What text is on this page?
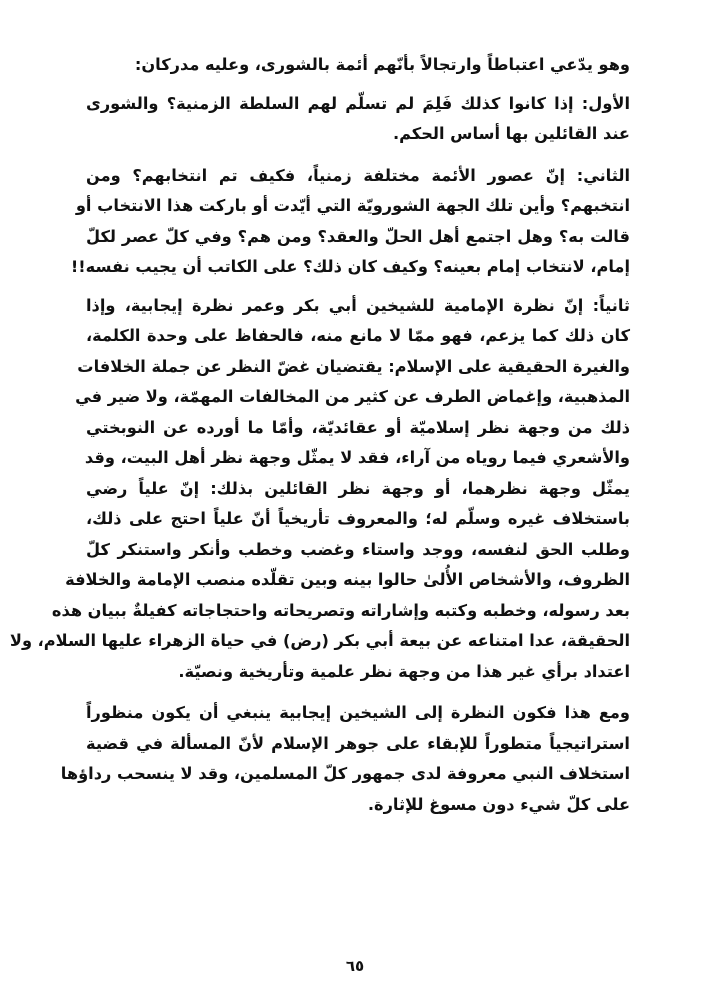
وهو يدّعي اعتباطاً وارتجالاً بأنّهم أئمة بالشورى، وعليه مدركان:
الأول: إذا كانوا كذلك فَلِمَ لم تسلّم لهم السلطة الزمنية؟ والشورى
عند القائلين بها أساس الحكم.
الثاني: إنّ عصور الأئمة مختلفة زمنياً، فكيف تم انتخابهم؟ ومن
انتخبهم؟ وأين تلك الجهة الشورويّة التي أيّدت أو باركت هذا الانتخاب أو
قالت به؟ وهل اجتمع أهل الحلّ والعقد؟ ومن هم؟ وفي كلّ عصر لكلّ
إمام، لانتخاب إمام بعينه؟ وكيف كان ذلك؟ على الكاتب أن يجيب نفسه!!
ثانياً: إنّ نظرة الإمامية للشيخين أبي بكر وعمر نظرة إيجابية، وإذا
كان ذلك كما يزعم، فهو ممّا لا مانع منه، فالحفاظ على وحدة الكلمة،
والغيرة الحقيقية على الإسلام: يقتضيان غضّ النظر عن جملة الخلافات
المذهبية، وإغماض الطرف عن كثير من المخالفات المهمّة، ولا ضير في
ذلك من وجهة نظر إسلاميّة أو عقائديّة، وأمّا ما أورده عن النوبختي
والأشعري فيما روياه من آراء، فقد لا يمثّل وجهة نظر أهل البيت، وقد
يمثّل وجهة نظرهما، أو وجهة نظر القائلين بذلك: إنّ علياً رضي
باستخلاف غيره وسلّم له؛ والمعروف تأريخياً أنّ علياً احتج على ذلك،
وطلب الحق لنفسه، ووجد واستاء وغضب وخطب وأنكر واستنكر كلّ
الظروف، والأشخاص الأُلىٰ حالوا بينه وبين تقلّده منصب الإمامة والخلافة
بعد رسوله، وخطبه وكتبه وإشاراته وتصريحاته واحتجاجاته كفيلةٌ ببيان هذه
الحقيقة، عدا امتناعه عن بيعة أبي بكر (رض) في حياة الزهراء عليها السلام، ولا
اعتداد برأي غير هذا من وجهة نظر علمية وتأريخية ونصيّة.
ومع هذا فكون النظرة إلى الشيخين إيجابية ينبغي أن يكون منظوراً
استراتيجياً متطوراً للإبقاء على جوهر الإسلام لأنّ المسألة في قضية
استخلاف النبي معروفة لدى جمهور كلّ المسلمين، وقد لا ينسحب رداؤها
على كلّ شيء دون مسوغ للإثارة.
٦٥
